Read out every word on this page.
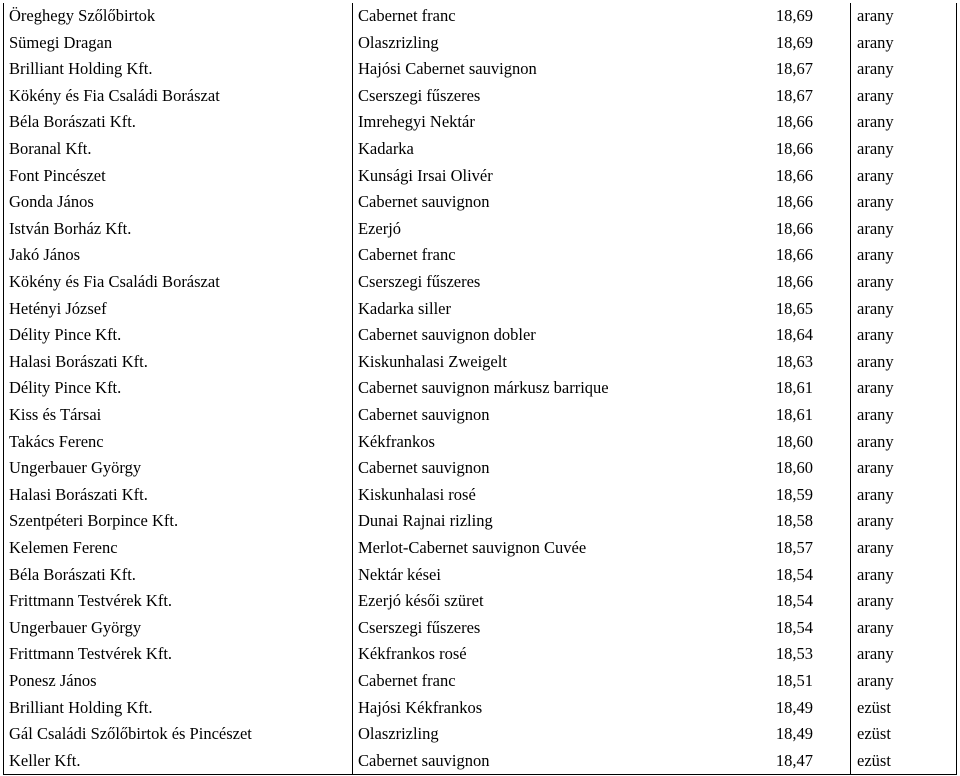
Öreghegy Szőlőbirtok	Cabernet franc	18,69	arany
Sümegi Dragan	Olaszrizling	18,69	arany
Brilliant Holding Kft.	Hajósi Cabernet sauvignon	18,67	arany
Kökény és Fia Családi Borászat	Cserszegi fűszeres	18,67	arany
Béla Borászati Kft.	Imrehegyi Nektár	18,66	arany
Boranal Kft.	Kadarka	18,66	arany
Font Pincészet	Kunsági Irsai Olivér	18,66	arany
Gonda János	Cabernet sauvignon	18,66	arany
István Borház Kft.	Ezerjó	18,66	arany
Jakó János	Cabernet franc	18,66	arany
Kökény és Fia Családi Borászat	Cserszegi fűszeres	18,66	arany
Hetényi József	Kadarka siller	18,65	arany
Délity Pince Kft.	Cabernet sauvignon dobler	18,64	arany
Halasi Borászati Kft.	Kiskunhalasi Zweigelt	18,63	arany
Délity Pince Kft.	Cabernet sauvignon márkusz barrique	18,61	arany
Kiss és Társai	Cabernet sauvignon	18,61	arany
Takács Ferenc	Kékfrankos	18,60	arany
Ungerbauer György	Cabernet sauvignon	18,60	arany
Halasi Borászati Kft.	Kiskunhalasi rosé	18,59	arany
Szentpéteri Borpince Kft.	Dunai Rajnai rizling	18,58	arany
Kelemen Ferenc	Merlot-Cabernet sauvignon Cuvée	18,57	arany
Béla Borászati Kft.	Nektár kései	18,54	arany
Frittmann Testvérek Kft.	Ezerjó késői szüret	18,54	arany
Ungerbauer György	Cserszegi fűszeres	18,54	arany
Frittmann Testvérek Kft.	Kékfrankos rosé	18,53	arany
Ponesz János	Cabernet franc	18,51	arany
Brilliant Holding Kft.	Hajósi Kékfrankos	18,49	ezüst
Gál Családi Szőlőbirtok és Pincészet	Olaszrizling	18,49	ezüst
Keller Kft.	Cabernet sauvignon	18,47	ezüst
